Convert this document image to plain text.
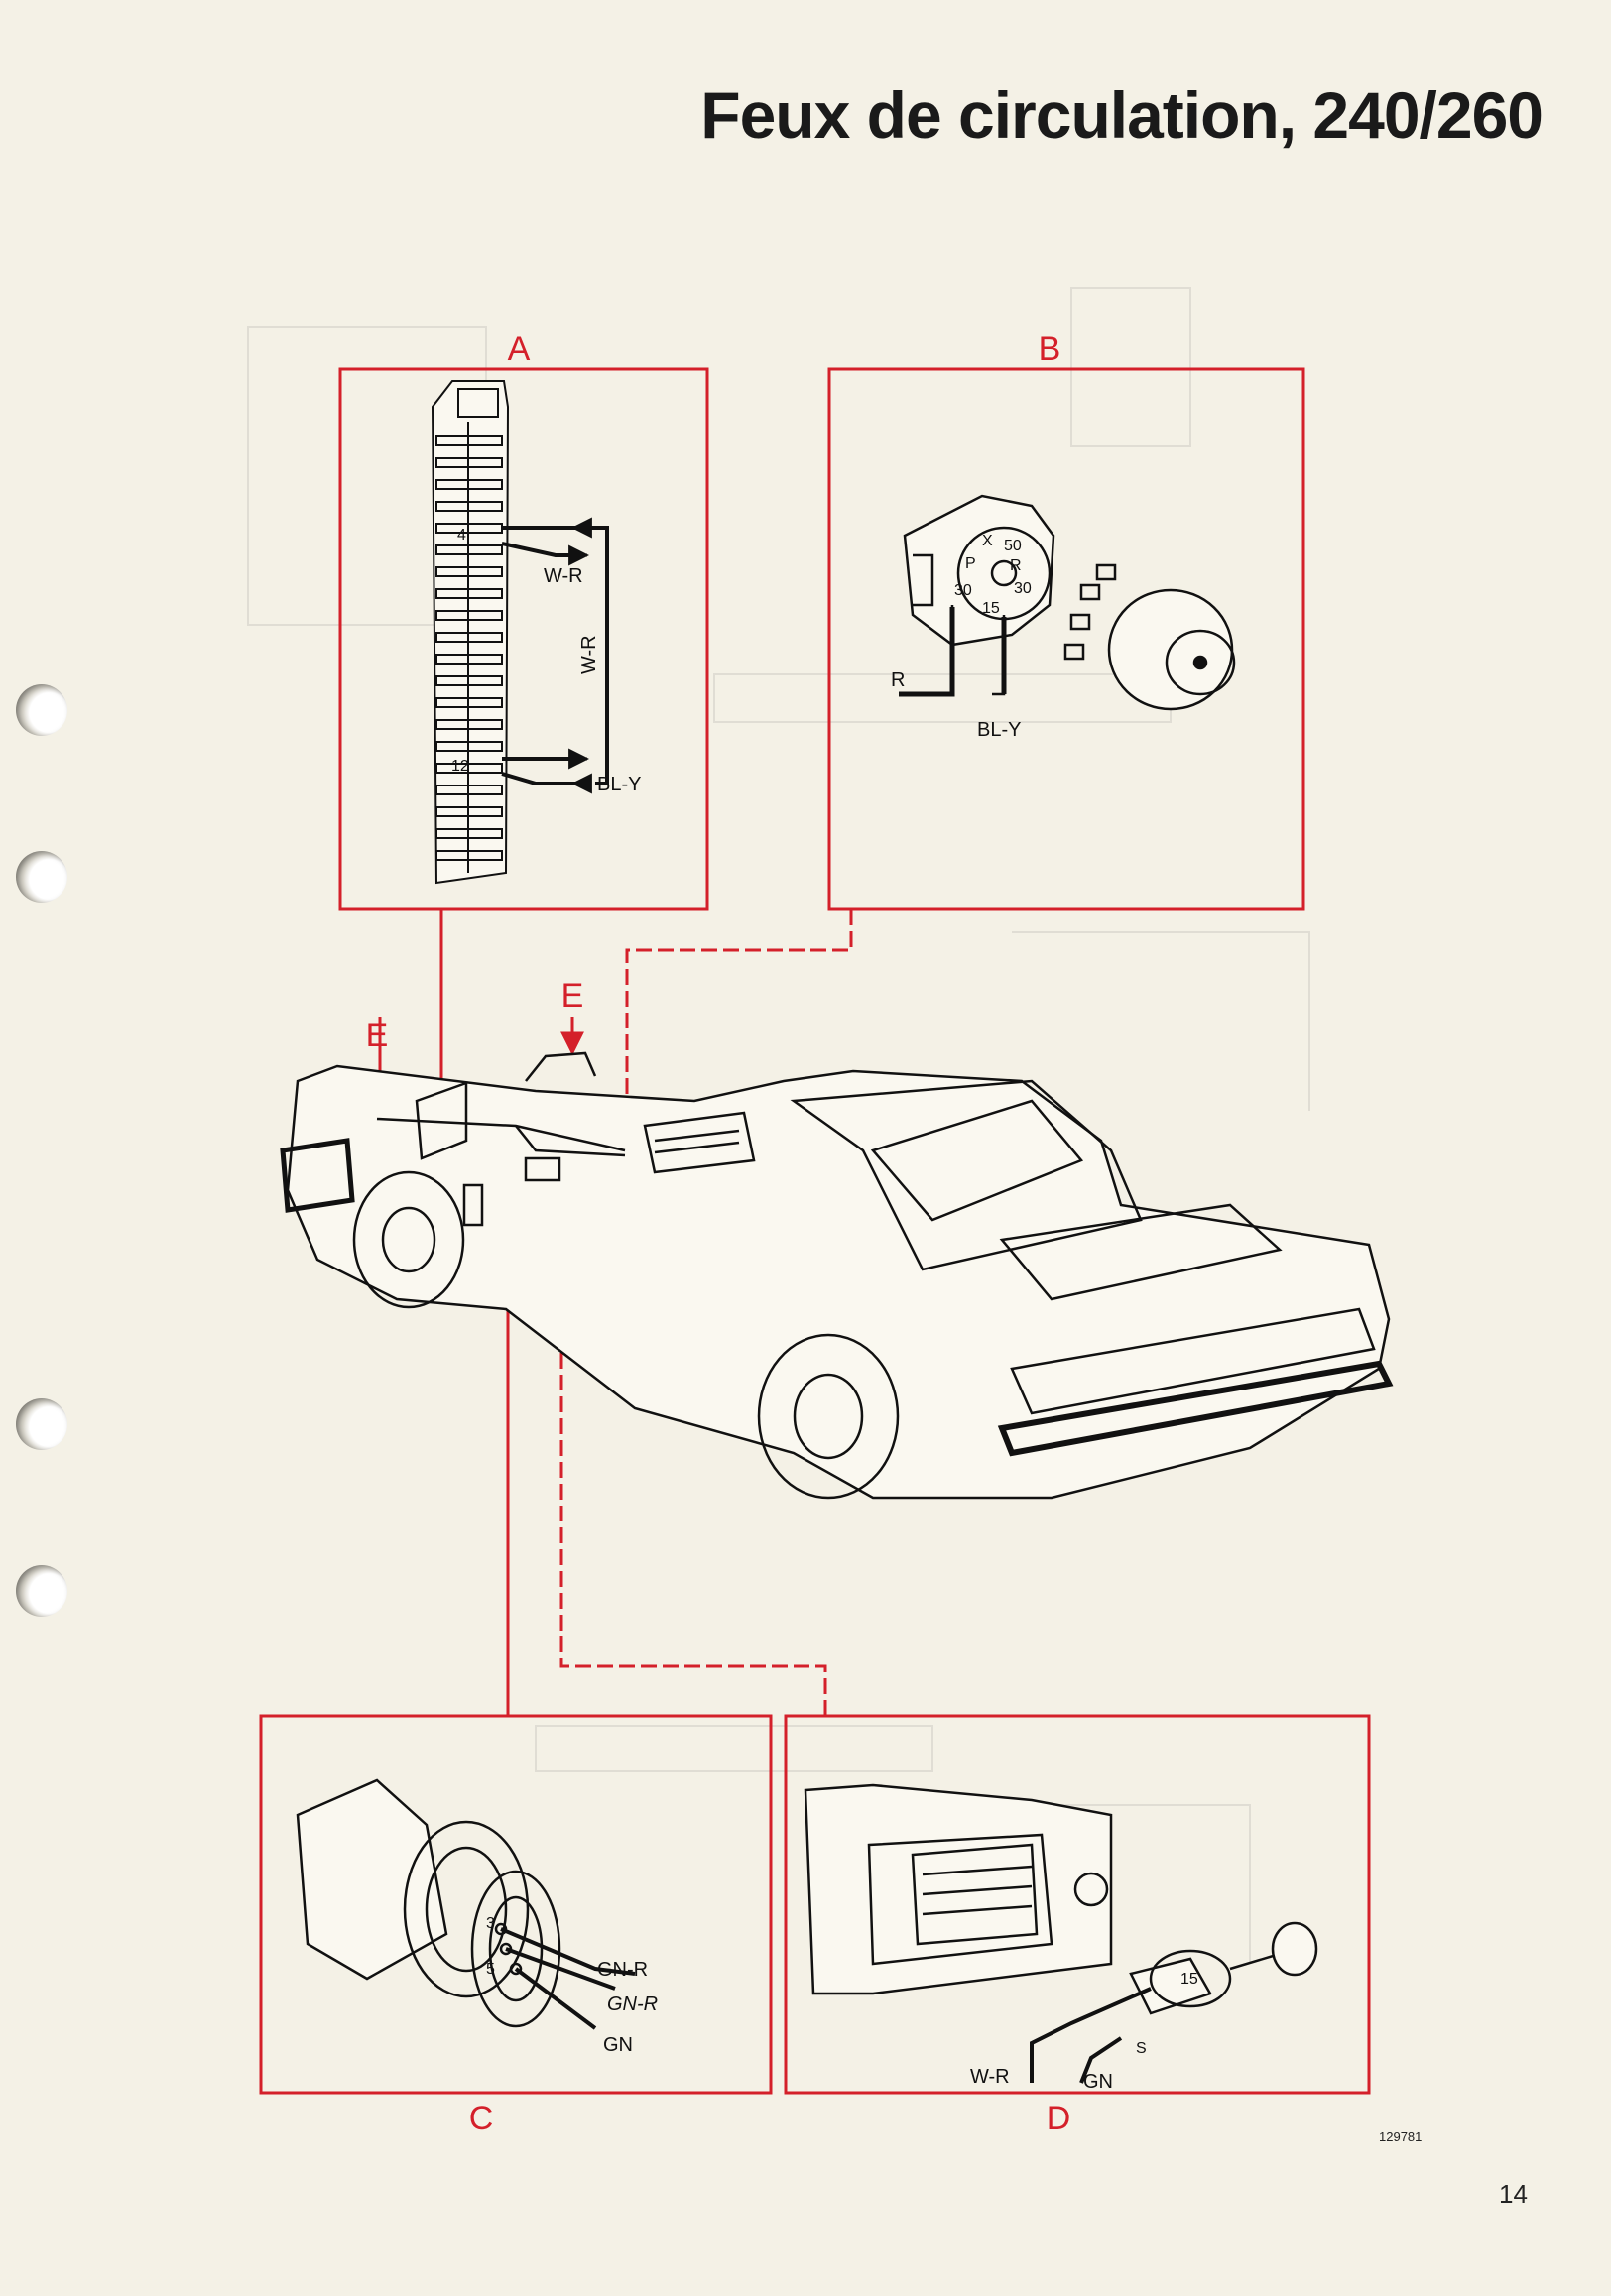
Feux de circulation, 240/260
A	B
C	D
E
E
4
12
W-R
W-R
BL-Y
X 50
P R
30	30
15
R
BL-Y
3
5	GN-R
GN-R
GN
15
S
W-R	GN
129781
14
